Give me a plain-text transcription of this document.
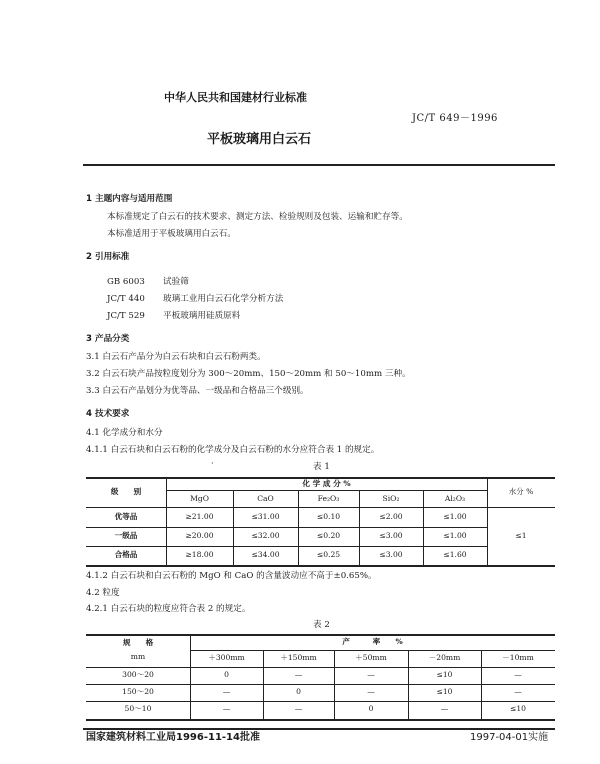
中华人民共和国建材行业标准
JC/T 649－1996
平板玻璃用白云石
1 主题内容与适用范围
本标准规定了白云石的技术要求、测定方法、检验规则及包装、运输和贮存等。
本标准适用于平板玻璃用白云石。
2 引用标准
GB 6003 试验筛
JC/T 440 玻璃工业用白云石化学分析方法
JC/T 529 平板玻璃用硅质原料
3 产品分类
3.1 白云石产品分为白云石块和白云石粉两类。
3.2 白云石块产品按粒度划分为 300～20mm、150～20mm 和 50～10mm 三种。
3.3 白云石产品划分为优等品、一级品和合格品三个级别。
4 技术要求
4.1 化学成分和水分
4.1.1 白云石块和白云石粉的化学成分及白云石粉的水分应符合表 1 的规定。
·	表 1
级　　别
化 学 成 分 %
水分 %
MgO	CaO	Fe₂O₃	SiO₂	Al₂O₃
优等品	≥21.00	≤31.00	≤0.10	≤2.00	≤1.00
一级品	≥20.00	≤32.00	≤0.20	≤3.00	≤1.00
合格品	≥18.00	≤34.00	≤0.25	≤3.00	≤1.60
≤1
4.1.2 白云石块和白云石粉的 MgO 和 CaO 的含量波动应不高于±0.65%。
4.2 粒度
4.2.1 白云石块的粒度应符合表 2 的规定。
表 2
规　　格
mm
产　　　率　　%
＋300mm	＋150mm	＋50mm	－20mm	－10mm
300～20	0	—	—	≤10	—
150～20	—	0	—	≤10	—
50～10	—	—	0	—	≤10
国家建筑材料工业局1996-11-14批准	1997-04-01实施
